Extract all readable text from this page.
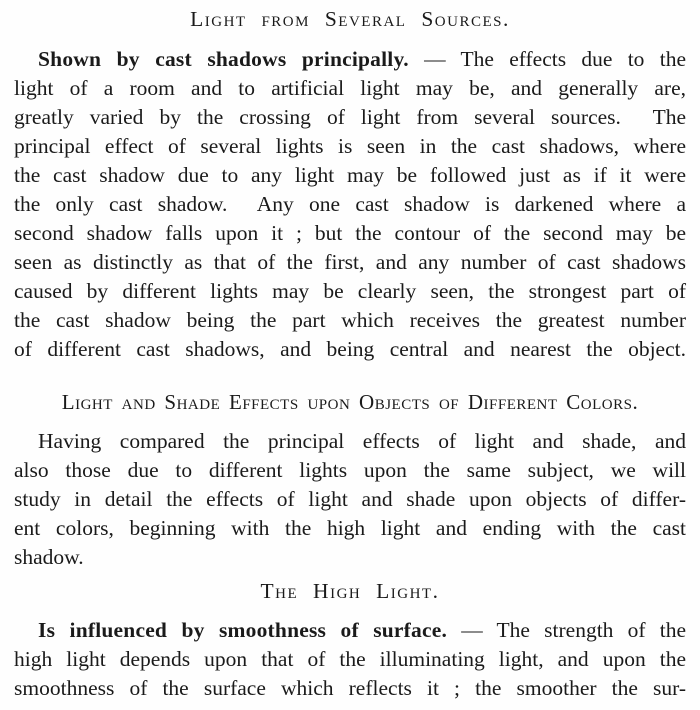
Light from Several Sources.
Shown by cast shadows principally. — The effects due to the
light of a room and to artificial light may be, and generally are,
greatly varied by the crossing of light from several sources.  The
principal effect of several lights is seen in the cast shadows, where
the cast shadow due to any light may be followed just as if it were
the only cast shadow.  Any one cast shadow is darkened where a
second shadow falls upon it ; but the contour of the second may be
seen as distinctly as that of the first, and any number of cast shadows
caused by different lights may be clearly seen, the strongest part of
the cast shadow being the part which receives the greatest number
of different cast shadows, and being central and nearest the object.
Light and Shade Effects upon Objects of Different Colors.
Having compared the principal effects of light and shade, and
also those due to different lights upon the same subject, we will
study in detail the effects of light and shade upon objects of differ-
ent colors, beginning with the high light and ending with the cast
shadow.
The High Light.
Is influenced by smoothness of surface. — The strength of the
high light depends upon that of the illuminating light, and upon the
smoothness of the surface which reflects it ; the smoother the sur-
